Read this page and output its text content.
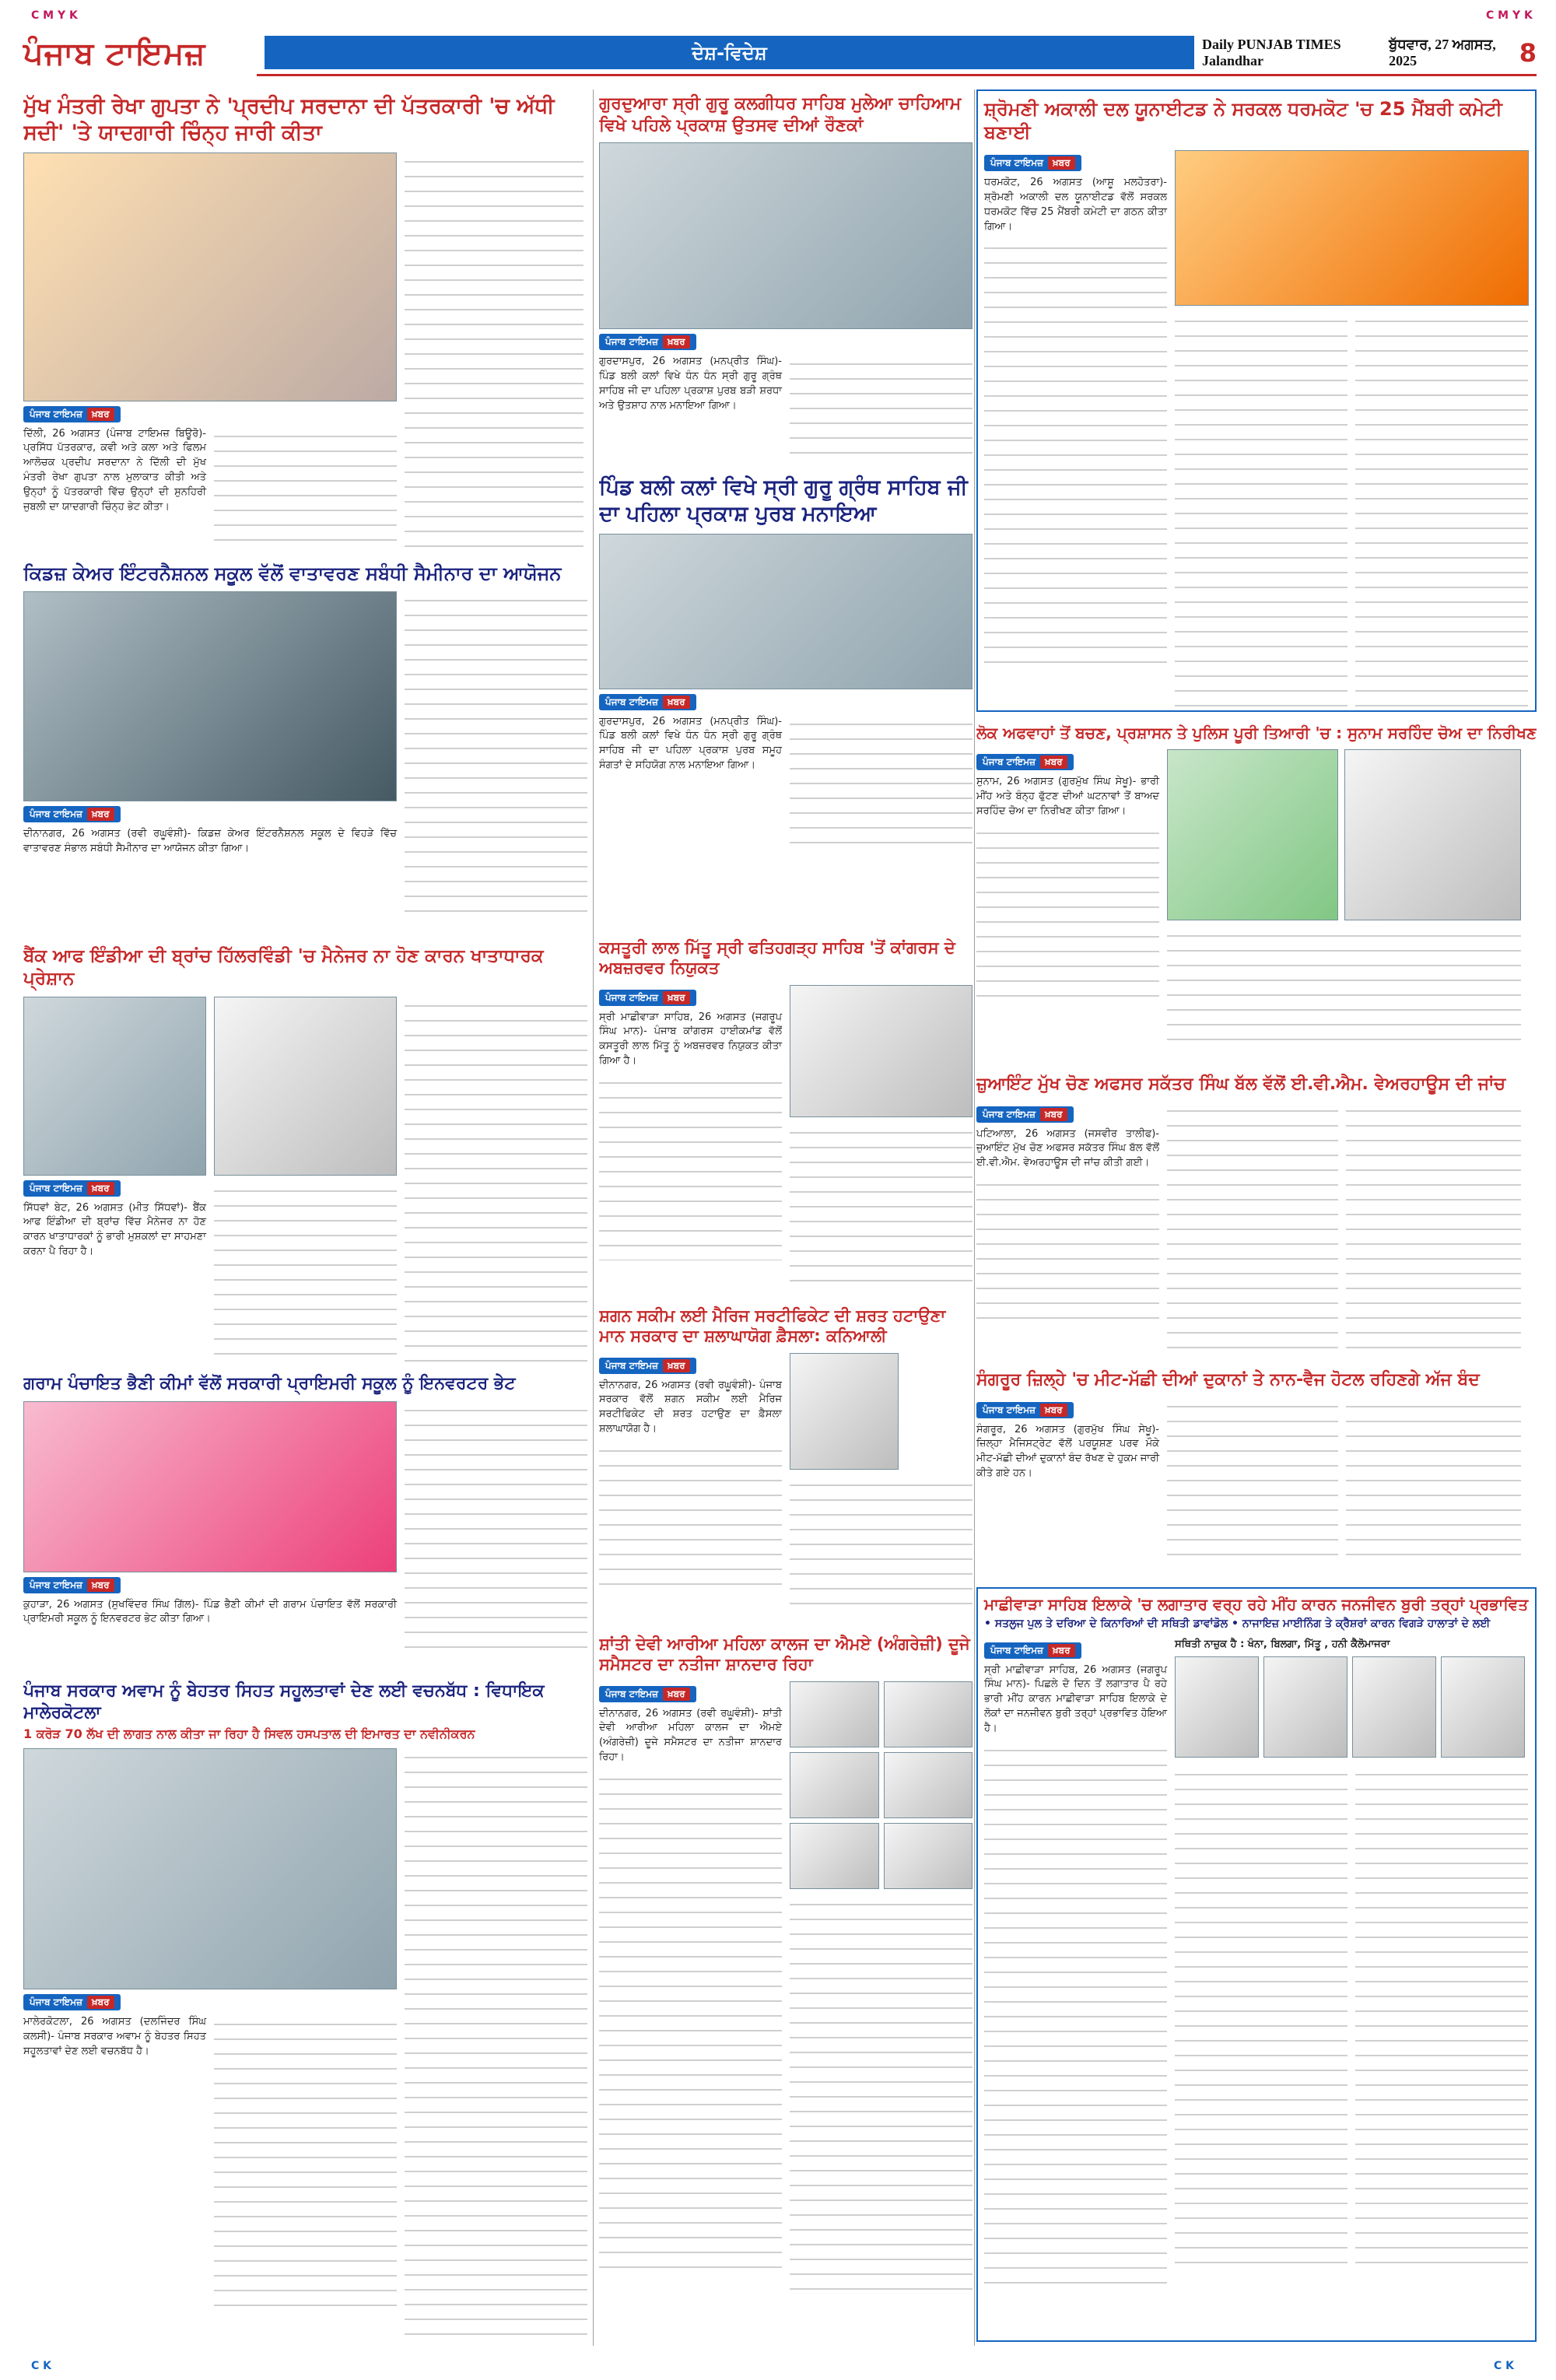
C M Y K	C M Y K
ਪੰਜਾਬ ਟਾਇਮਜ਼	ਦੇਸ਼-ਵਿਦੇਸ਼	Daily PUNJAB TIMES Jalandhar
ਬੁੱਧਵਾਰ, 27 ਅਗਸਤ, 2025	8
ਮੁੱਖ ਮੰਤਰੀ ਰੇਖਾ ਗੁਪਤਾ ਨੇ 'ਪ੍ਰਦੀਪ ਸਰਦਾਨਾ ਦੀ ਪੱਤਰਕਾਰੀ 'ਚ ਅੱਧੀ ਸਦੀ' 'ਤੇ ਯਾਦਗਾਰੀ ਚਿੰਨ੍ਹ ਜਾਰੀ ਕੀਤਾ
ਪੰਜਾਬ ਟਾਇਮਜ਼	ਖ਼ਬਰ
ਦਿੱਲੀ, 26 ਅਗਸਤ (ਪੰਜਾਬ ਟਾਇਮਜ਼ ਬਿਊਰੋ)- ਪ੍ਰਸਿੱਧ ਪੱਤਰਕਾਰ, ਕਵੀ ਅਤੇ ਕਲਾ ਅਤੇ ਫਿਲਮ ਆਲੋਚਕ ਪ੍ਰਦੀਪ ਸਰਦਾਨਾ ਨੇ ਦਿੱਲੀ ਦੀ ਮੁੱਖ ਮੰਤਰੀ ਰੇਖਾ ਗੁਪਤਾ ਨਾਲ ਮੁਲਾਕਾਤ ਕੀਤੀ ਅਤੇ ਉਨ੍ਹਾਂ ਨੂੰ ਪੱਤਰਕਾਰੀ ਵਿੱਚ ਉਨ੍ਹਾਂ ਦੀ ਸੁਨਹਿਰੀ ਜੁਬਲੀ ਦਾ ਯਾਦਗਾਰੀ ਚਿੰਨ੍ਹ ਭੇਟ ਕੀਤਾ।
ਗੁਰਦੁਆਰਾ ਸ੍ਰੀ ਗੁਰੂ ਕਲਗੀਧਰ ਸਾਹਿਬ ਮੁਲੇਆ ਚਾਹਿਆਮ ਵਿਖੇ ਪਹਿਲੇ ਪ੍ਰਕਾਸ਼ ਉਤਸਵ ਦੀਆਂ ਰੌਣਕਾਂ
ਪੰਜਾਬ ਟਾਇਮਜ਼	ਖ਼ਬਰ
ਗੁਰਦਾਸਪੁਰ, 26 ਅਗਸਤ (ਮਨਪ੍ਰੀਤ ਸਿੰਘ)- ਪਿੰਡ ਬਲੀ ਕਲਾਂ ਵਿਖੇ ਧੰਨ ਧੰਨ ਸ੍ਰੀ ਗੁਰੂ ਗ੍ਰੰਥ ਸਾਹਿਬ ਜੀ ਦਾ ਪਹਿਲਾ ਪ੍ਰਕਾਸ਼ ਪੁਰਬ ਬੜੀ ਸ਼ਰਧਾ ਅਤੇ ਉਤਸ਼ਾਹ ਨਾਲ ਮਨਾਇਆ ਗਿਆ।
ਸ਼੍ਰੋਮਣੀ ਅਕਾਲੀ ਦਲ ਯੂਨਾਈਟਡ ਨੇ ਸਰਕਲ ਧਰਮਕੋਟ 'ਚ 25 ਮੈਂਬਰੀ ਕਮੇਟੀ ਬਣਾਈ
ਪੰਜਾਬ ਟਾਇਮਜ਼	ਖ਼ਬਰ
ਧਰਮਕੋਟ, 26 ਅਗਸਤ (ਆਸ਼ੂ ਮਲਹੋਤਰਾ)- ਸ਼੍ਰੋਮਣੀ ਅਕਾਲੀ ਦਲ ਯੂਨਾਈਟਡ ਵੱਲੋਂ ਸਰਕਲ ਧਰਮਕੋਟ ਵਿੱਚ 25 ਮੈਂਬਰੀ ਕਮੇਟੀ ਦਾ ਗਠਨ ਕੀਤਾ ਗਿਆ।
ਪਿੰਡ ਬਲੀ ਕਲਾਂ ਵਿਖੇ ਸ੍ਰੀ ਗੁਰੂ ਗ੍ਰੰਥ ਸਾਹਿਬ ਜੀ ਦਾ ਪਹਿਲਾ ਪ੍ਰਕਾਸ਼ ਪੁਰਬ ਮਨਾਇਆ
ਪੰਜਾਬ ਟਾਇਮਜ਼	ਖ਼ਬਰ
ਗੁਰਦਾਸਪੁਰ, 26 ਅਗਸਤ (ਮਨਪ੍ਰੀਤ ਸਿੰਘ)- ਪਿੰਡ ਬਲੀ ਕਲਾਂ ਵਿਖੇ ਧੰਨ ਧੰਨ ਸ੍ਰੀ ਗੁਰੂ ਗ੍ਰੰਥ ਸਾਹਿਬ ਜੀ ਦਾ ਪਹਿਲਾ ਪ੍ਰਕਾਸ਼ ਪੁਰਬ ਸਮੂਹ ਸੰਗਤਾਂ ਦੇ ਸਹਿਯੋਗ ਨਾਲ ਮਨਾਇਆ ਗਿਆ।
ਕਿਡਜ਼ ਕੇਅਰ ਇੰਟਰਨੈਸ਼ਨਲ ਸਕੂਲ ਵੱਲੋਂ ਵਾਤਾਵਰਣ ਸਬੰਧੀ ਸੈਮੀਨਾਰ ਦਾ ਆਯੋਜਨ
ਪੰਜਾਬ ਟਾਇਮਜ਼	ਖ਼ਬਰ
ਦੀਨਾਨਗਰ, 26 ਅਗਸਤ (ਰਵੀ ਰਘੂਵੰਸ਼ੀ)- ਕਿਡਜ਼ ਕੇਅਰ ਇੰਟਰਨੈਸ਼ਨਲ ਸਕੂਲ ਦੇ ਵਿਹੜੇ ਵਿੱਚ ਵਾਤਾਵਰਣ ਸੰਭਾਲ ਸਬੰਧੀ ਸੈਮੀਨਾਰ ਦਾ ਆਯੋਜਨ ਕੀਤਾ ਗਿਆ।
ਲੋਕ ਅਫਵਾਹਾਂ ਤੋਂ ਬਚਣ, ਪ੍ਰਸ਼ਾਸਨ ਤੇ ਪੁਲਿਸ ਪੂਰੀ ਤਿਆਰੀ 'ਚ : ਸੁਨਾਮ ਸਰਹਿੰਦ ਚੋਅ ਦਾ ਨਿਰੀਖਣ
ਪੰਜਾਬ ਟਾਇਮਜ਼	ਖ਼ਬਰ
ਸੁਨਾਮ, 26 ਅਗਸਤ (ਗੁਰਮੁੱਖ ਸਿੰਘ ਸੇਖੂ)- ਭਾਰੀ ਮੀਂਹ ਅਤੇ ਬੰਨ੍ਹ ਫੁੱਟਣ ਦੀਆਂ ਘਟਨਾਵਾਂ ਤੋਂ ਬਾਅਦ ਸਰਹਿੰਦ ਚੋਅ ਦਾ ਨਿਰੀਖਣ ਕੀਤਾ ਗਿਆ।
ਬੈਂਕ ਆਫ ਇੰਡੀਆ ਦੀ ਬ੍ਰਾਂਚ ਹਿੱਲਰਵਿੰਡੀ 'ਚ ਮੈਨੇਜਰ ਨਾ ਹੋਣ ਕਾਰਨ ਖਾਤਾਧਾਰਕ ਪ੍ਰੇਸ਼ਾਨ
ਪੰਜਾਬ ਟਾਇਮਜ਼	ਖ਼ਬਰ
ਸਿੱਧਵਾਂ ਬੇਟ, 26 ਅਗਸਤ (ਮੀਤ ਸਿੱਧਵਾਂ)- ਬੈਂਕ ਆਫ ਇੰਡੀਆ ਦੀ ਬ੍ਰਾਂਚ ਵਿੱਚ ਮੈਨੇਜਰ ਨਾ ਹੋਣ ਕਾਰਨ ਖਾਤਾਧਾਰਕਾਂ ਨੂੰ ਭਾਰੀ ਮੁਸ਼ਕਲਾਂ ਦਾ ਸਾਹਮਣਾ ਕਰਨਾ ਪੈ ਰਿਹਾ ਹੈ।
ਕਸਤੂਰੀ ਲਾਲ ਮਿੱਤੂ ਸ੍ਰੀ ਫਤਿਹਗੜ੍ਹ ਸਾਹਿਬ 'ਤੋਂ ਕਾਂਗਰਸ ਦੇ ਅਬਜ਼ਰਵਰ ਨਿਯੁਕਤ
ਪੰਜਾਬ ਟਾਇਮਜ਼	ਖ਼ਬਰ
ਸ੍ਰੀ ਮਾਛੀਵਾੜਾ ਸਾਹਿਬ, 26 ਅਗਸਤ (ਜਗਰੂਪ ਸਿੰਘ ਮਾਨ)- ਪੰਜਾਬ ਕਾਂਗਰਸ ਹਾਈਕਮਾਂਡ ਵੱਲੋਂ ਕਸਤੂਰੀ ਲਾਲ ਮਿੱਤੂ ਨੂੰ ਅਬਜ਼ਰਵਰ ਨਿਯੁਕਤ ਕੀਤਾ ਗਿਆ ਹੈ।
ਜ਼ੁਆਇੰਟ ਮੁੱਖ ਚੋਣ ਅਫਸਰ ਸਕੱਤਰ ਸਿੰਘ ਬੱਲ ਵੱਲੋਂ ਈ.ਵੀ.ਐਮ. ਵੇਅਰਹਾਊਸ ਦੀ ਜਾਂਚ
ਪੰਜਾਬ ਟਾਇਮਜ਼	ਖ਼ਬਰ
ਪਟਿਆਲਾ, 26 ਅਗਸਤ (ਜਸਵੀਰ ਤਾਲੀਫ)- ਜ਼ੁਆਇੰਟ ਮੁੱਖ ਚੋਣ ਅਫਸਰ ਸਕੱਤਰ ਸਿੰਘ ਬੱਲ ਵੱਲੋਂ ਈ.ਵੀ.ਐਮ. ਵੇਅਰਹਾਊਸ ਦੀ ਜਾਂਚ ਕੀਤੀ ਗਈ।
ਗਰਾਮ ਪੰਚਾਇਤ ਭੈਣੀ ਕੀਮਾਂ ਵੱਲੋਂ ਸਰਕਾਰੀ ਪ੍ਰਾਇਮਰੀ ਸਕੂਲ ਨੂੰ ਇਨਵਰਟਰ ਭੇਟ
ਪੰਜਾਬ ਟਾਇਮਜ਼	ਖ਼ਬਰ
ਕੁਹਾੜਾ, 26 ਅਗਸਤ (ਸੁਖਵਿੰਦਰ ਸਿੰਘ ਗਿੱਲ)- ਪਿੰਡ ਭੈਣੀ ਕੀਮਾਂ ਦੀ ਗਰਾਮ ਪੰਚਾਇਤ ਵੱਲੋਂ ਸਰਕਾਰੀ ਪ੍ਰਾਇਮਰੀ ਸਕੂਲ ਨੂੰ ਇਨਵਰਟਰ ਭੇਟ ਕੀਤਾ ਗਿਆ।
ਸ਼ਗਨ ਸਕੀਮ ਲਈ ਮੈਰਿਜ ਸਰਟੀਫਿਕੇਟ ਦੀ ਸ਼ਰਤ ਹਟਾਉਣਾ ਮਾਨ ਸਰਕਾਰ ਦਾ ਸ਼ਲਾਘਾਯੋਗ ਫ਼ੈਸਲਾ: ਕਨਿਆਲੀ
ਪੰਜਾਬ ਟਾਇਮਜ਼	ਖ਼ਬਰ
ਦੀਨਾਨਗਰ, 26 ਅਗਸਤ (ਰਵੀ ਰਘੂਵੰਸ਼ੀ)- ਪੰਜਾਬ ਸਰਕਾਰ ਵੱਲੋਂ ਸ਼ਗਨ ਸਕੀਮ ਲਈ ਮੈਰਿਜ ਸਰਟੀਫਿਕੇਟ ਦੀ ਸ਼ਰਤ ਹਟਾਉਣ ਦਾ ਫ਼ੈਸਲਾ ਸ਼ਲਾਘਾਯੋਗ ਹੈ।
ਸੰਗਰੂਰ ਜ਼ਿਲ੍ਹੇ 'ਚ ਮੀਟ-ਮੱਛੀ ਦੀਆਂ ਦੁਕਾਨਾਂ ਤੇ ਨਾਨ-ਵੈਜ ਹੋਟਲ ਰਹਿਣਗੇ ਅੱਜ ਬੰਦ
ਪੰਜਾਬ ਟਾਇਮਜ਼	ਖ਼ਬਰ
ਸੰਗਰੂਰ, 26 ਅਗਸਤ (ਗੁਰਮੁੱਖ ਸਿੰਘ ਸੇਖੂ)- ਜ਼ਿਲ੍ਹਾ ਮੈਜਿਸਟ੍ਰੇਟ ਵੱਲੋਂ ਪਰਯੂਸ਼ਣ ਪਰਵ ਮੌਕੇ ਮੀਟ-ਮੱਛੀ ਦੀਆਂ ਦੁਕਾਨਾਂ ਬੰਦ ਰੱਖਣ ਦੇ ਹੁਕਮ ਜਾਰੀ ਕੀਤੇ ਗਏ ਹਨ।
ਪੰਜਾਬ ਸਰਕਾਰ ਅਵਾਮ ਨੂੰ ਬੇਹਤਰ ਸਿਹਤ ਸਹੂਲਤਾਵਾਂ ਦੇਣ ਲਈ ਵਚਨਬੱਧ : ਵਿਧਾਇਕ ਮਾਲੇਰਕੋਟਲਾ
1 ਕਰੋੜ 70 ਲੱਖ ਦੀ ਲਾਗਤ ਨਾਲ ਕੀਤਾ ਜਾ ਰਿਹਾ ਹੈ ਸਿਵਲ ਹਸਪਤਾਲ ਦੀ ਇਮਾਰਤ ਦਾ ਨਵੀਨੀਕਰਨ
ਪੰਜਾਬ ਟਾਇਮਜ਼	ਖ਼ਬਰ
ਮਾਲੇਰਕੋਟਲਾ, 26 ਅਗਸਤ (ਦਲਜਿੰਦਰ ਸਿੰਘ ਕਲਸੀ)- ਪੰਜਾਬ ਸਰਕਾਰ ਅਵਾਮ ਨੂੰ ਬੇਹਤਰ ਸਿਹਤ ਸਹੂਲਤਾਵਾਂ ਦੇਣ ਲਈ ਵਚਨਬੱਧ ਹੈ।
ਸ਼ਾਂਤੀ ਦੇਵੀ ਆਰੀਆ ਮਹਿਲਾ ਕਾਲਜ ਦਾ ਐਮਏ (ਅੰਗਰੇਜ਼ੀ) ਦੂਜੇ ਸਮੈਸਟਰ ਦਾ ਨਤੀਜਾ ਸ਼ਾਨਦਾਰ ਰਿਹਾ
ਪੰਜਾਬ ਟਾਇਮਜ਼	ਖ਼ਬਰ
ਦੀਨਾਨਗਰ, 26 ਅਗਸਤ (ਰਵੀ ਰਘੂਵੰਸ਼ੀ)- ਸ਼ਾਂਤੀ ਦੇਵੀ ਆਰੀਆ ਮਹਿਲਾ ਕਾਲਜ ਦਾ ਐਮਏ (ਅੰਗਰੇਜ਼ੀ) ਦੂਜੇ ਸਮੈਸਟਰ ਦਾ ਨਤੀਜਾ ਸ਼ਾਨਦਾਰ ਰਿਹਾ।
ਮਾਛੀਵਾੜਾ ਸਾਹਿਬ ਇਲਾਕੇ 'ਚ ਲਗਾਤਾਰ ਵਰ੍ਹ ਰਹੇ ਮੀਂਹ ਕਾਰਨ ਜਨਜੀਵਨ ਬੁਰੀ ਤਰ੍ਹਾਂ ਪ੍ਰਭਾਵਿਤ
• ਸਤਲੁਜ ਪੁਲ ਤੇ ਦਰਿਆ ਦੇ ਕਿਨਾਰਿਆਂ ਦੀ ਸਥਿਤੀ ਡਾਵਾਂਡੋਲ • ਨਾਜਾਇਜ਼ ਮਾਈਨਿੰਗ ਤੇ ਕ੍ਰੈਸ਼ਰਾਂ ਕਾਰਨ ਵਿਗੜੇ ਹਾਲਾਤਾਂ ਦੇ ਲਈ
ਪੰਜਾਬ ਟਾਇਮਜ਼	ਖ਼ਬਰ
ਸ੍ਰੀ ਮਾਛੀਵਾੜਾ ਸਾਹਿਬ, 26 ਅਗਸਤ (ਜਗਰੂਪ ਸਿੰਘ ਮਾਨ)- ਪਿਛਲੇ ਦੋ ਦਿਨ ਤੋਂ ਲਗਾਤਾਰ ਪੈ ਰਹੇ ਭਾਰੀ ਮੀਂਹ ਕਾਰਨ ਮਾਛੀਵਾੜਾ ਸਾਹਿਬ ਇਲਾਕੇ ਦੇ ਲੋਕਾਂ ਦਾ ਜਨਜੀਵਨ ਬੁਰੀ ਤਰ੍ਹਾਂ ਪ੍ਰਭਾਵਿਤ ਹੋਇਆ ਹੈ।
ਸਥਿਤੀ ਨਾਜ਼ੁਕ ਹੈ : ਖੰਨਾ, ਬਿਲਗਾ, ਮਿੱਤੂ , ਹਨੀ ਕੈਲੋਮਾਜਰਾ
C K	C K
